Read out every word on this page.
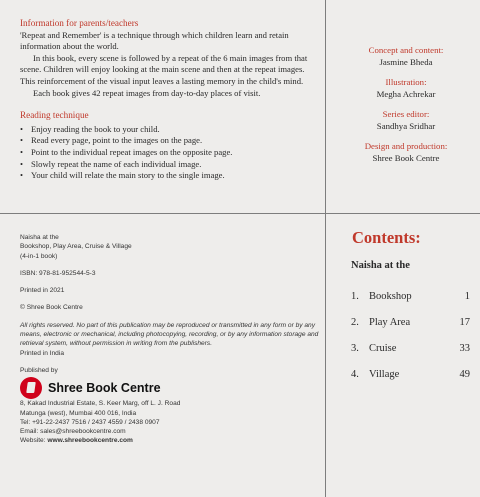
Information for parents/teachers

'Repeat and Remember' is a technique through which children learn and retain information about the world.

In this book, every scene is followed by a repeat of the 6 main images from that scene. Children will enjoy looking at the main scene and then at the repeat images. This reinforcement of the visual input leaves a lasting memory in the child's mind.

Each book gives 42 repeat images from day-to-day places of visit.

Reading technique

• Enjoy reading the book to your child.
• Read every page, point to the images on the page.
• Point to the individual repeat images on the opposite page.
• Slowly repeat the name of each individual image.
• Your child will relate the main story to the single image.
Concept and content:
Jasmine Bheda
Illustration:
Megha Achrekar
Series editor:
Sandhya Sridhar
Design and production:
Shree Book Centre

Naisha at the

Bookshop, Play Area, Cruise & Village

(4-in-1 book)

ISBN: 978-81-952544-5-3

Printed in 2021

© Shree Book Centre

All rights reserved. No part of this publication may be reproduced or transmitted in any form or by any means, electronic or mechanical, including photocopying, recording, or by any information storage and retrieval system, without permission in writing from the publishers.

Printed in India

Published by

Shree Book Centre

8, Kakad Industrial Estate, S. Keer Marg, off L. J. Road

Matunga (west), Mumbai 400 016, India

Tel: +91-22-2437 7516 / 2437 4559 / 2438 0907

Email: sales@shreebookcentre.com

Website: www.shreebookcentre.com

Contents:
Naisha at the
1. Bookshop	1
2. Play Area	17
3. Cruise	33
4. Village	49
